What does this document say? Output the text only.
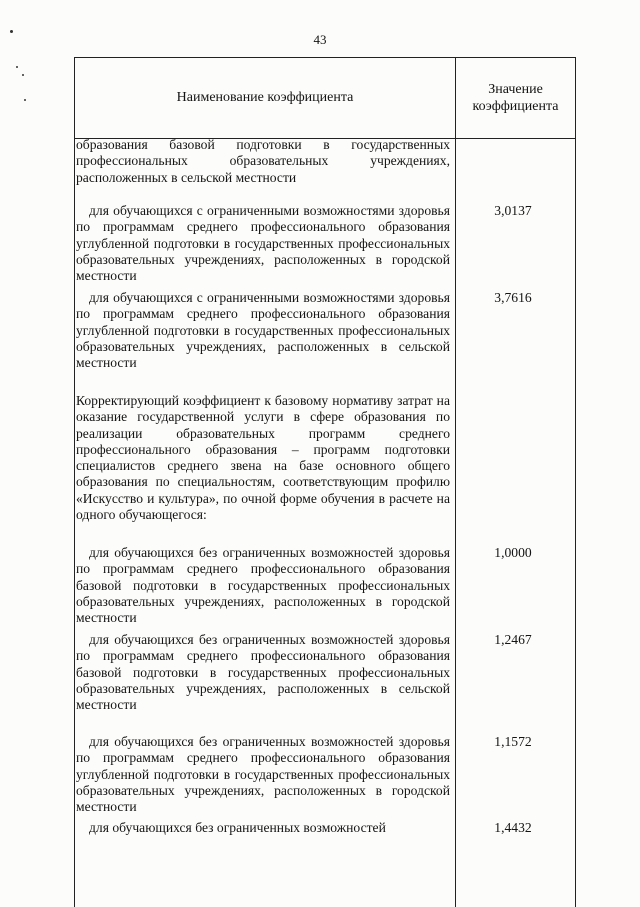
43
Наименование коэффициента
Значение
коэффициента

образования базовой подготовки в государственных профессиональных образовательных учреждениях, расположенных в сельской местности

для обучающихся с ограниченными возможностями здоровья по программам среднего профессионального образования углубленной подготовки в государственных профессиональных образовательных учреждениях, расположенных в городской местности

3,0137

для обучающихся с ограниченными возможностями здоровья по программам среднего профессионального образования углубленной подготовки в государственных профессиональных образовательных учреждениях, расположенных в сельской местности

3,7616

Корректирующий коэффициент к базовому нормативу затрат на оказание государственной услуги в сфере образования по реализации образовательных программ среднего профессионального образования – программ подготовки специалистов среднего звена на базе основного общего образования по специальностям, соответствующим профилю «Искусство и культура», по очной форме обучения в расчете на одного обучающегося:

для обучающихся без ограниченных возможностей здоровья по программам среднего профессионального образования базовой подготовки в государственных профессиональных образовательных учреждениях, расположенных в городской местности

1,0000

для обучающихся без ограниченных возможностей здоровья по программам среднего профессионального образования базовой подготовки в государственных профессиональных образовательных учреждениях, расположенных в сельской местности

1,2467

для обучающихся без ограниченных возможностей здоровья по программам среднего профессионального образования углубленной подготовки в государственных профессиональных образовательных учреждениях, расположенных в городской местности

1,1572

для обучающихся без ограниченных возможностей	1,4432
